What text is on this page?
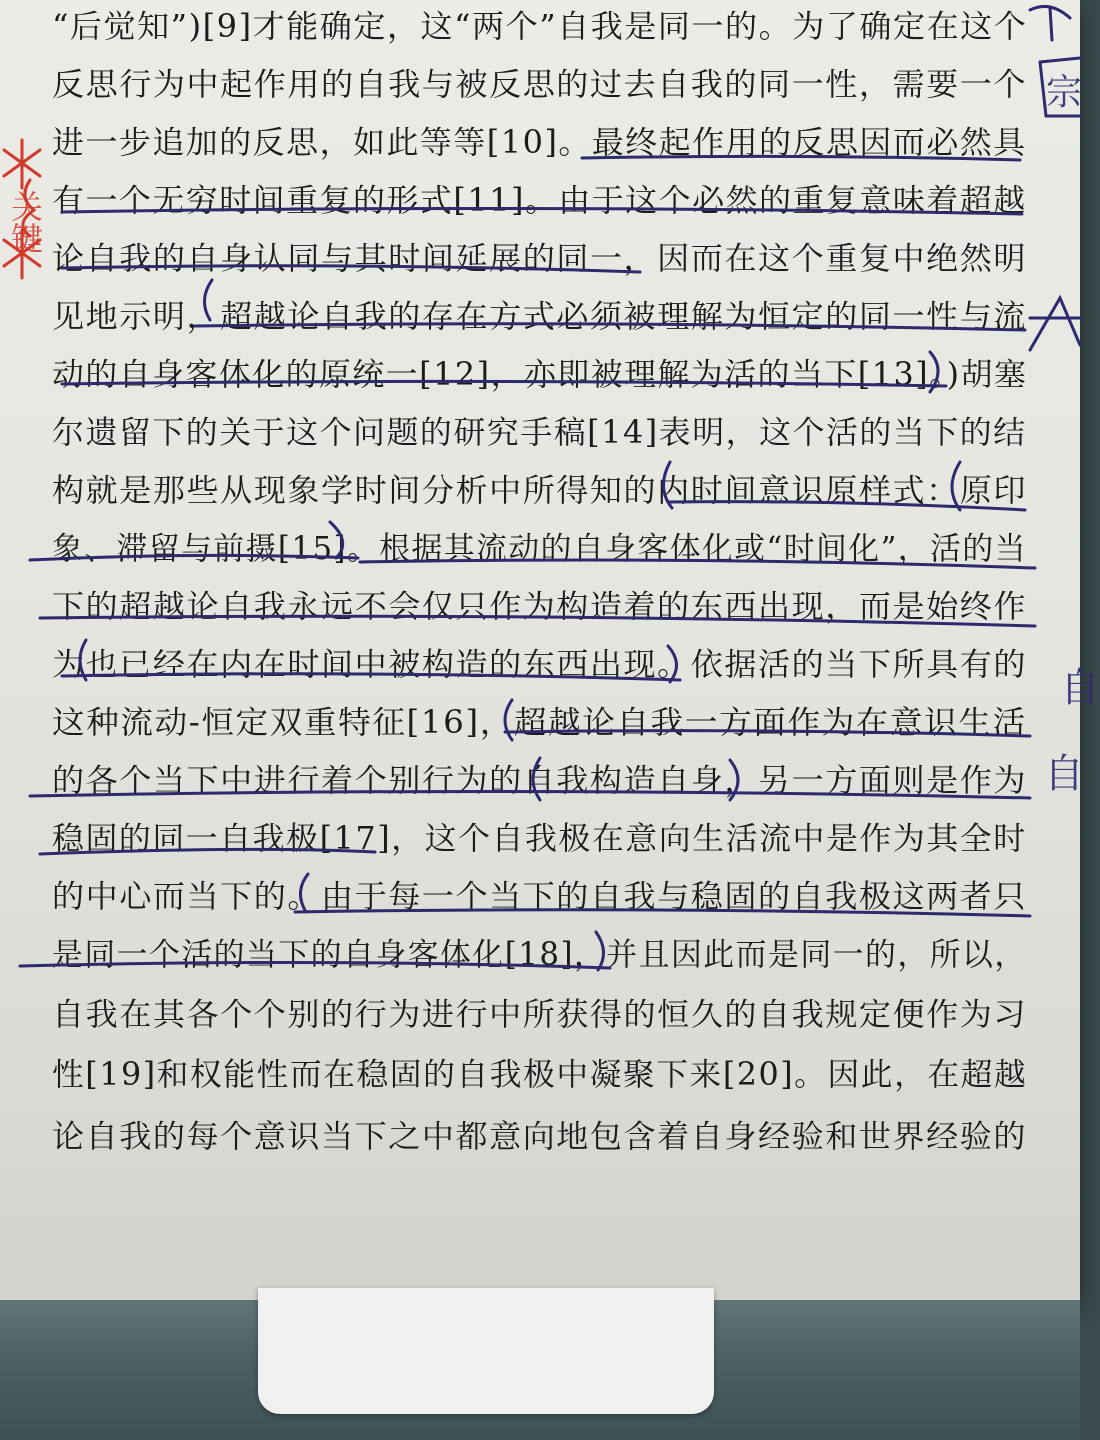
“后觉知”)[9]才能确定，这“两个”自我是同一的。为了确定在这个
反思行为中起作用的自我与被反思的过去自我的同一性，需要一个
进一步追加的反思，如此等等[10]。最终起作用的反思因而必然具
有一个无穷时间重复的形式[11]。由于这个必然的重复意味着超越
论自我的自身认同与其时间延展的同一，因而在这个重复中绝然明
见地示明，超越论自我的存在方式必须被理解为恒定的同一性与流
动的自身客体化的原统一[12]，亦即被理解为活的当下[13]。)胡塞
尔遗留下的关于这个问题的研究手稿[14]表明，这个活的当下的结
构就是那些从现象学时间分析中所得知的内时间意识原样式：原印
象、滞留与前摄[15]。根据其流动的自身客体化或“时间化”，活的当
下的超越论自我永远不会仅只作为构造着的东西出现，而是始终作
为也已经在内在时间中被构造的东西出现。依据活的当下所具有的
这种流动-恒定双重特征[16]，超越论自我一方面作为在意识生活
的各个当下中进行着个别行为的自我构造自身，另一方面则是作为
稳固的同一自我极[17]，这个自我极在意向生活流中是作为其全时
的中心而当下的。由于每一个当下的自我与稳固的自我极这两者只
是同一个活的当下的自身客体化[18]，并且因此而是同一的，所以，
自我在其各个个别的行为进行中所获得的恒久的自我规定便作为习
性[19]和权能性而在稳固的自我极中凝聚下来[20]。因此，在超越
论自我的每个意识当下之中都意向地包含着自身经验和世界经验的
关键
宗
自
自
